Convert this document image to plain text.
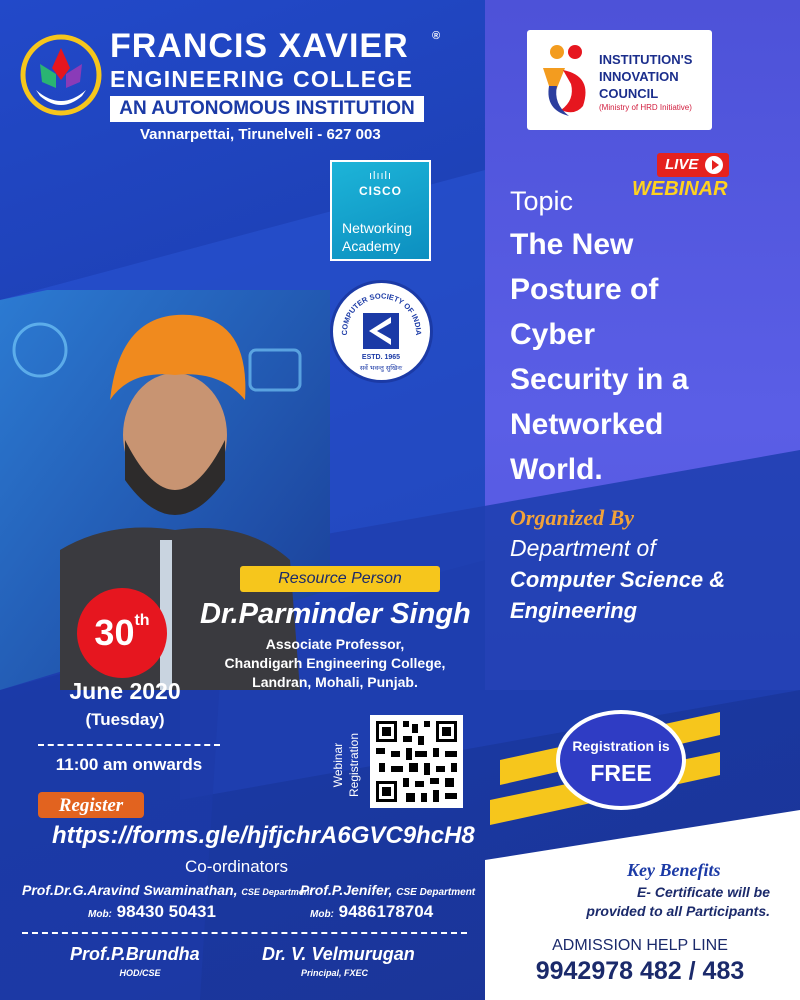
FRANCIS XAVIER ®
ENGINEERING COLLEGE
AN AUTONOMOUS INSTITUTION
Vannarpettai, Tirunelveli - 627 003
ılıılı
CISCO
Networking
Academy
COMPUTER SOCIETY OF INDIA
ESTD. 1965
सर्वे भवन्तु सुखिनः
INSTITUTION'S
INNOVATION
COUNCIL
(Ministry of HRD Initiative)
LIVE
WEBINAR
Topic
The New
Posture of
Cyber
Security in a
Networked
World.
Organized By
Department of
Computer Science &
Engineering
Resource Person
Dr.Parminder Singh
Associate Professor,
Chandigarh Engineering College,
Landran, Mohali, Punjab.
30th
June 2020
(Tuesday)
11:00 am onwards
Register
https://forms.gle/hjfjchrA6GVC9hcH8
Webinar Registration
Co-ordinators
Prof.Dr.G.Aravind Swaminathan, CSE Department
Mob: 98430 50431
Prof.P.Jenifer, CSE Department
Mob: 9486178704
Prof.P.Brundha
HOD/CSE
Dr. V. Velmurugan
Principal, FXEC
Registration is
FREE
Key Benefits
E- Certificate will be
provided to all Participants.
ADMISSION HELP LINE
9942978 482 / 483
